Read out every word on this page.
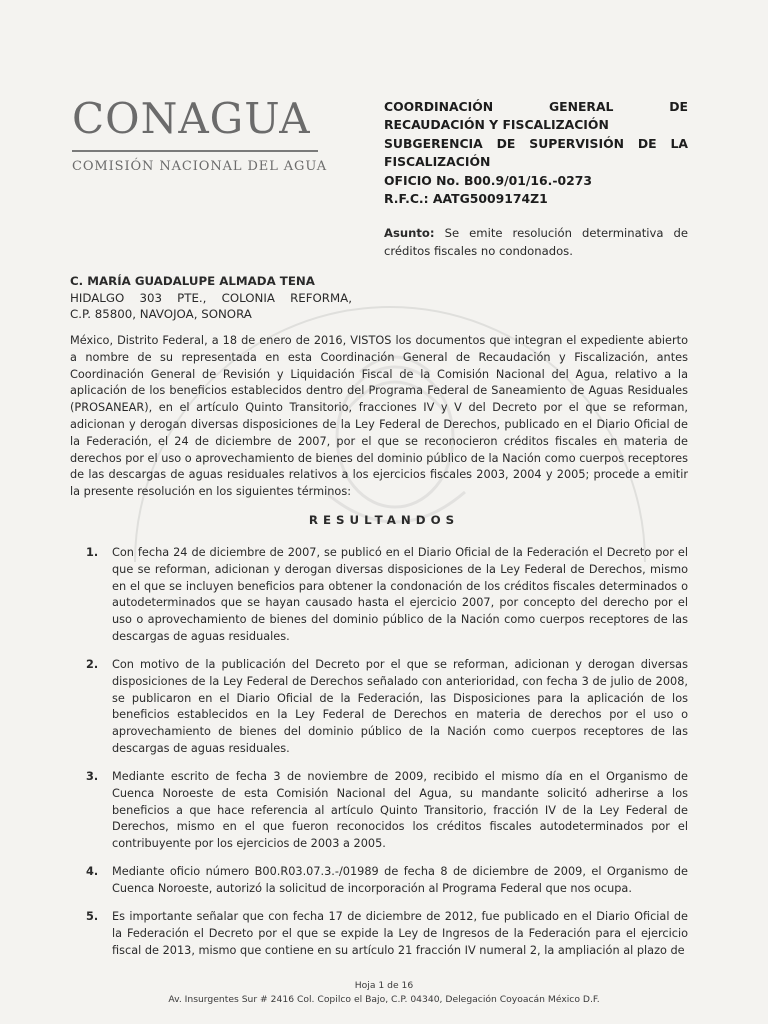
CONAGUA
COMISIÓN NACIONAL DEL AGUA
COORDINACIÓN GENERAL DE
RECAUDACIÓN Y FISCALIZACIÓN
SUBGERENCIA DE SUPERVISIÓN DE LA
FISCALIZACIÓN
OFICIO No. B00.9/01/16.-0273
R.F.C.: AATG5009174Z1
Asunto: Se emite resolución determinativa de créditos fiscales no condonados.
C. MARÍA GUADALUPE ALMADA TENA
HIDALGO 303 PTE., COLONIA REFORMA,
C.P. 85800, NAVOJOA, SONORA
México, Distrito Federal, a 18 de enero de 2016, VISTOS los documentos que integran el expediente abierto a nombre de su representada en esta Coordinación General de Recaudación y Fiscalización, antes Coordinación General de Revisión y Liquidación Fiscal de la Comisión Nacional del Agua, relativo a la aplicación de los beneficios establecidos dentro del Programa Federal de Saneamiento de Aguas Residuales (PROSANEAR), en el artículo Quinto Transitorio, fracciones IV y V del Decreto por el que se reforman, adicionan y derogan diversas disposiciones de la Ley Federal de Derechos, publicado en el Diario Oficial de la Federación, el 24 de diciembre de 2007, por el que se reconocieron créditos fiscales en materia de derechos por el uso o aprovechamiento de bienes del dominio público de la Nación como cuerpos receptores de las descargas de aguas residuales relativos a los ejercicios fiscales 2003, 2004 y 2005; procede a emitir la presente resolución en los siguientes términos:
RESULTANDOS
1.	Con fecha 24 de diciembre de 2007, se publicó en el Diario Oficial de la Federación el Decreto por el que se reforman, adicionan y derogan diversas disposiciones de la Ley Federal de Derechos, mismo en el que se incluyen beneficios para obtener la condonación de los créditos fiscales determinados o autodeterminados que se hayan causado hasta el ejercicio 2007, por concepto del derecho por el uso o aprovechamiento de bienes del dominio público de la Nación como cuerpos receptores de las descargas de aguas residuales.
2.	Con motivo de la publicación del Decreto por el que se reforman, adicionan y derogan diversas disposiciones de la Ley Federal de Derechos señalado con anterioridad, con fecha 3 de julio de 2008, se publicaron en el Diario Oficial de la Federación, las Disposiciones para la aplicación de los beneficios establecidos en la Ley Federal de Derechos en materia de derechos por el uso o aprovechamiento de bienes del dominio público de la Nación como cuerpos receptores de las descargas de aguas residuales.
3.	Mediante escrito de fecha 3 de noviembre de 2009, recibido el mismo día en el Organismo de Cuenca Noroeste de esta Comisión Nacional del Agua, su mandante solicitó adherirse a los beneficios a que hace referencia al artículo Quinto Transitorio, fracción IV de la Ley Federal de Derechos, mismo en el que fueron reconocidos los créditos fiscales autodeterminados por el contribuyente por los ejercicios de 2003 a 2005.
4.	Mediante oficio número B00.R03.07.3.-/01989 de fecha 8 de diciembre de 2009, el Organismo de Cuenca Noroeste, autorizó la solicitud de incorporación al Programa Federal que nos ocupa.
5.	Es importante señalar que con fecha 17 de diciembre de 2012, fue publicado en el Diario Oficial de la Federación el Decreto por el que se expide la Ley de Ingresos de la Federación para el ejercicio fiscal de 2013, mismo que contiene en su artículo 21 fracción IV numeral 2, la ampliación al plazo de
Hoja 1 de 16
Av. Insurgentes Sur # 2416 Col. Copilco el Bajo, C.P. 04340, Delegación Coyoacán México D.F.
